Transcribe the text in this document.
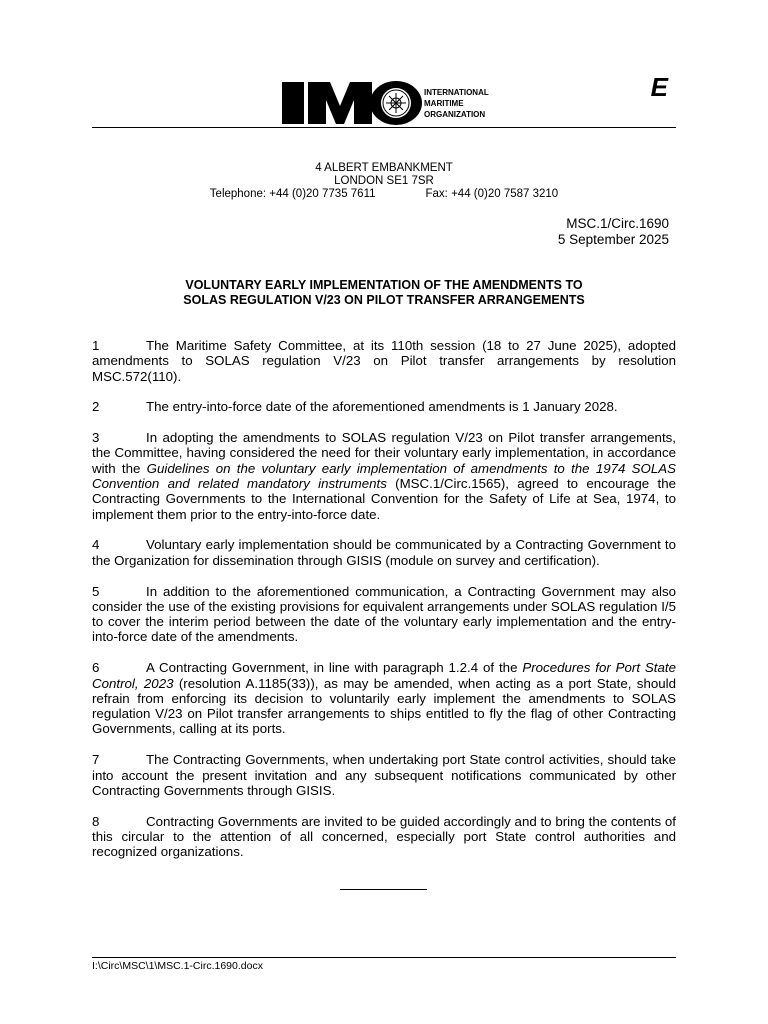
INTERNATIONAL
MARITIME
ORGANIZATION
E
4 ALBERT EMBANKMENT
LONDON SE1 7SR
Telephone: +44 (0)20 7735 7611	Fax: +44 (0)20 7587 3210
MSC.1/Circ.1690
5 September 2025
VOLUNTARY EARLY IMPLEMENTATION OF THE AMENDMENTS TO
SOLAS REGULATION V/23 ON PILOT TRANSFER ARRANGEMENTS

1	The Maritime Safety Committee, at its 110th session (18 to 27 June 2025), adopted amendments to SOLAS regulation V/23 on Pilot transfer arrangements by resolution MSC.572(110).

2	The entry-into-force date of the aforementioned amendments is 1 January 2028.

3	In adopting the amendments to SOLAS regulation V/23 on Pilot transfer arrangements, the Committee, having considered the need for their voluntary early implementation, in accordance with the Guidelines on the voluntary early implementation of amendments to the 1974 SOLAS Convention and related mandatory instruments (MSC.1/Circ.1565), agreed to encourage the Contracting Governments to the International Convention for the Safety of Life at Sea, 1974, to implement them prior to the entry-into-force date.

4	Voluntary early implementation should be communicated by a Contracting Government to the Organization for dissemination through GISIS (module on survey and certification).

5	In addition to the aforementioned communication, a Contracting Government may also consider the use of the existing provisions for equivalent arrangements under SOLAS regulation I/5 to cover the interim period between the date of the voluntary early implementation and the entry-into-force date of the amendments.

6	A Contracting Government, in line with paragraph 1.2.4 of the Procedures for Port State Control, 2023 (resolution A.1185(33)), as may be amended, when acting as a port State, should refrain from enforcing its decision to voluntarily early implement the amendments to SOLAS regulation V/23 on Pilot transfer arrangements to ships entitled to fly the flag of other Contracting Governments, calling at its ports.

7	The Contracting Governments, when undertaking port State control activities, should take into account the present invitation and any subsequent notifications communicated by other Contracting Governments through GISIS.

8	Contracting Governments are invited to be guided accordingly and to bring the contents of this circular to the attention of all concerned, especially port State control authorities and recognized organizations.

I:\Circ\MSC\1\MSC.1-Circ.1690.docx
